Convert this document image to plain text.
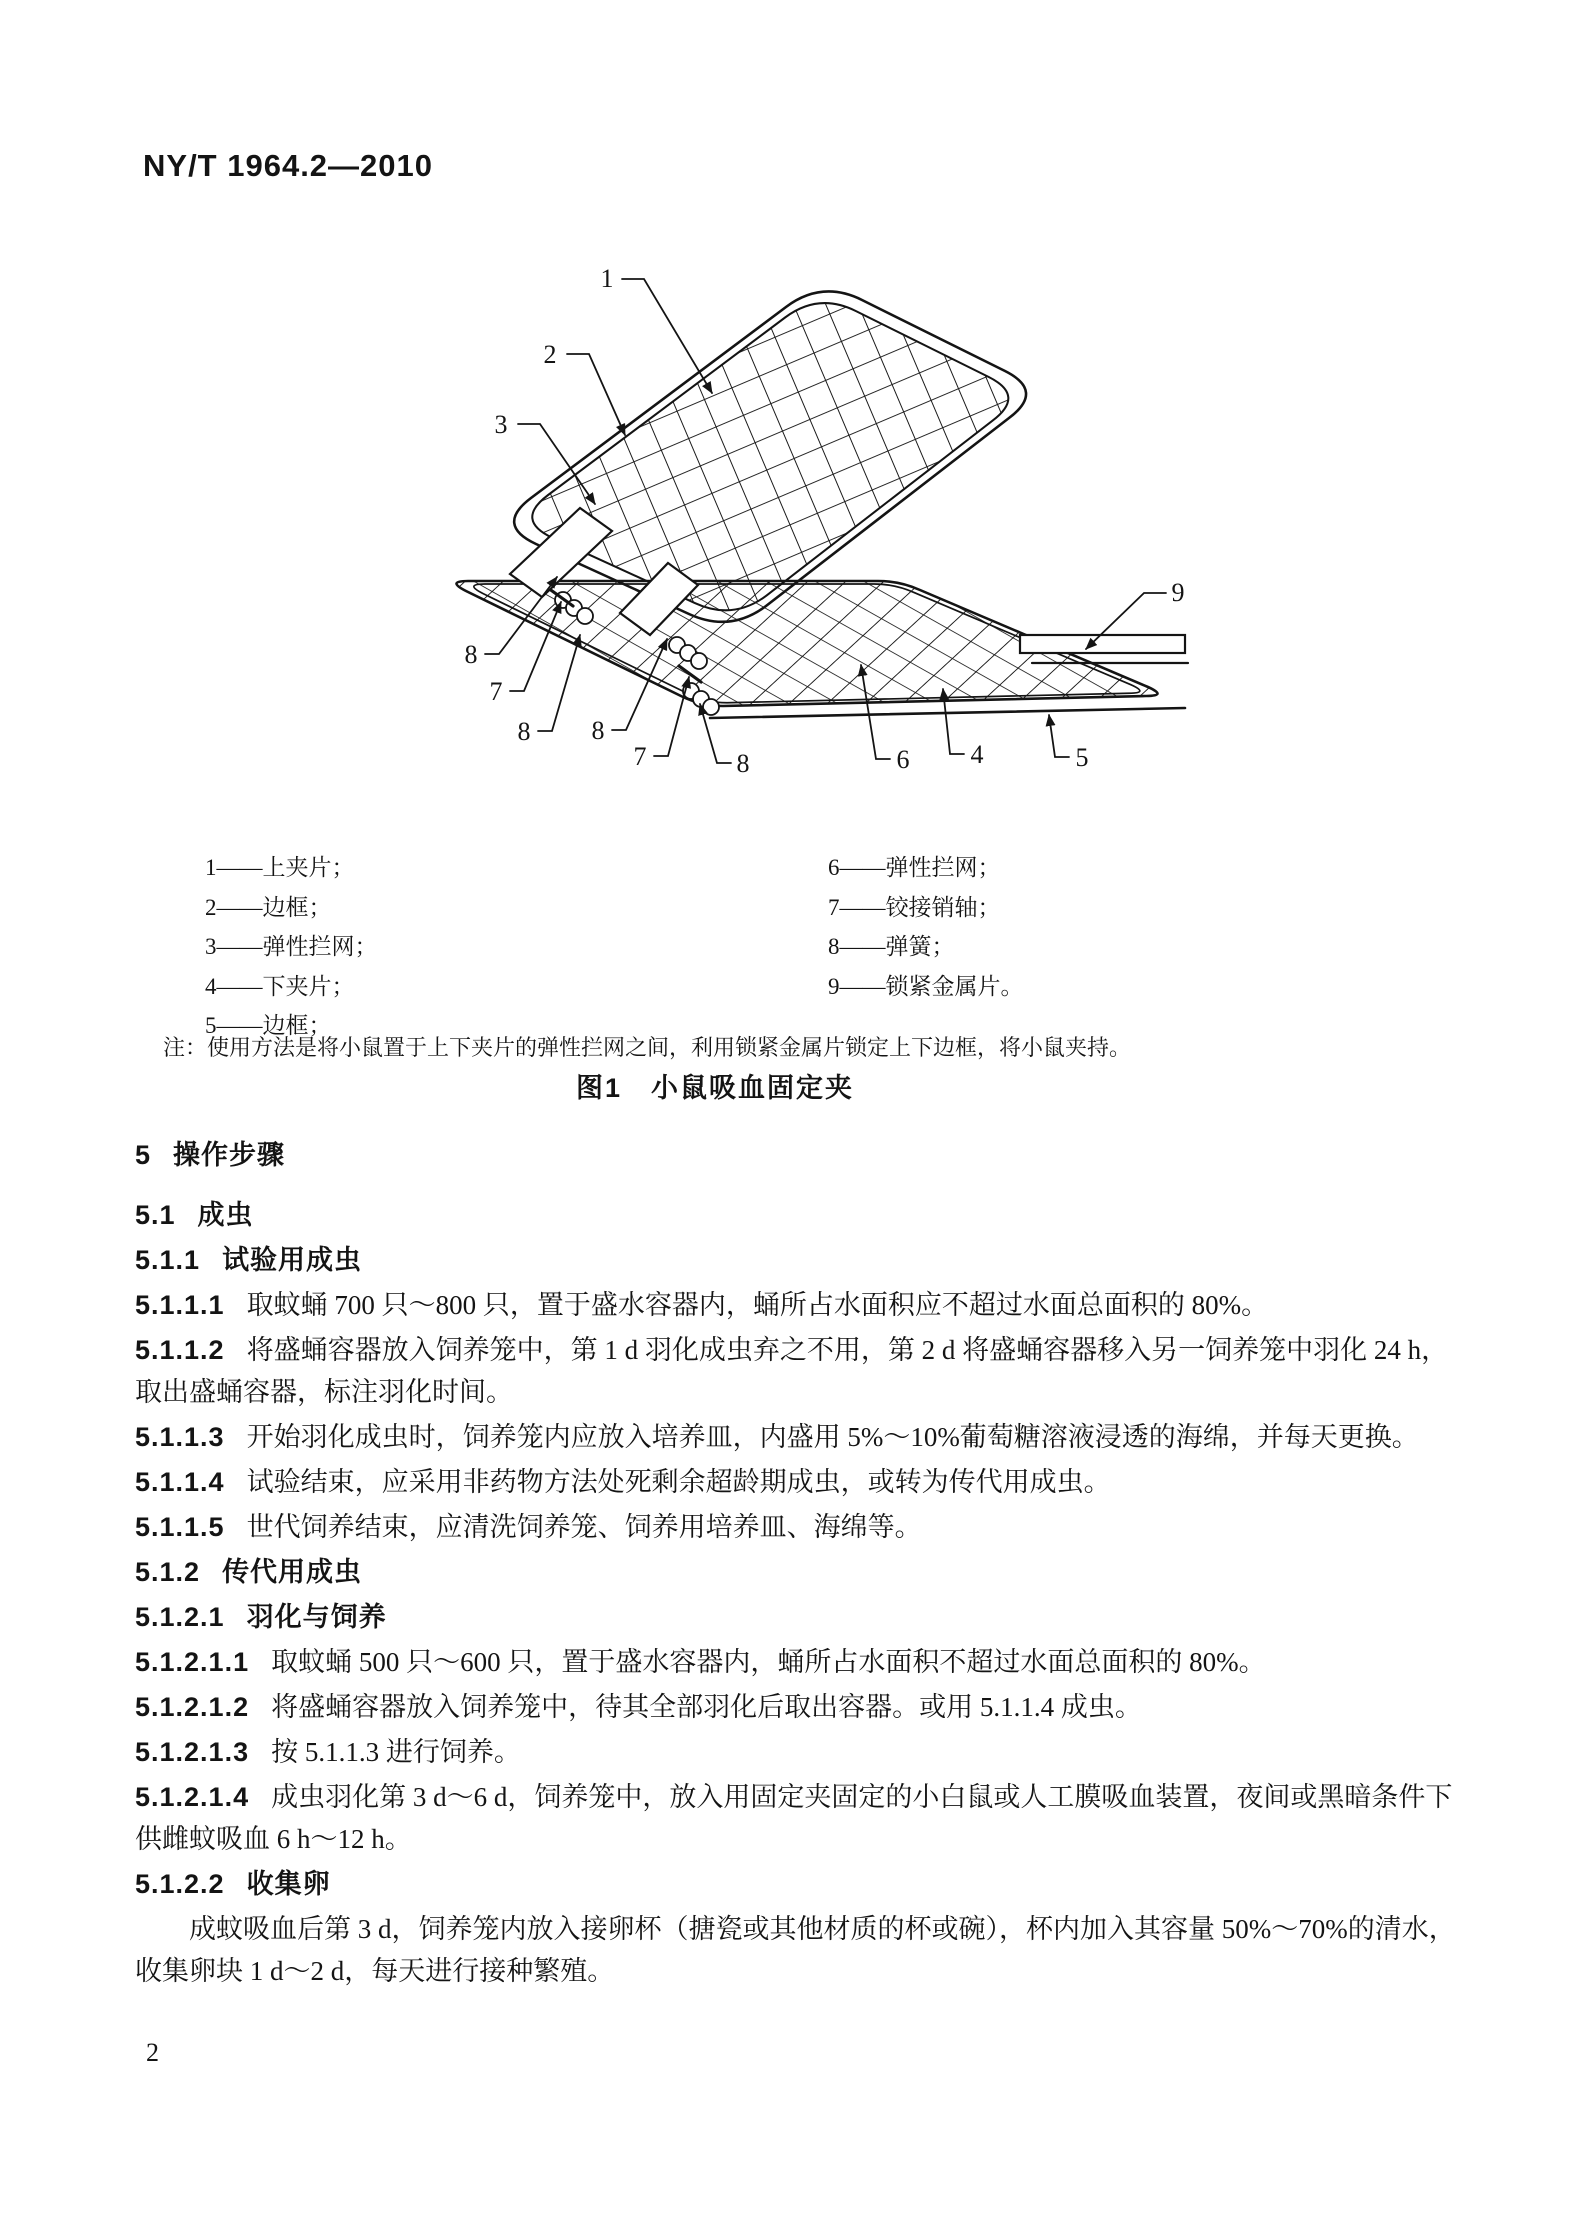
NY/T 1964.2—2010
1
2
3
9
8
7
8 8
7	8	6 4	5
1——上夹片；
2——边框；
3——弹性拦网；
4——下夹片；
5——边框；
6——弹性拦网；
7——铰接销轴；
8——弹簧；
9——锁紧金属片。
注：使用方法是将小鼠置于上下夹片的弹性拦网之间，利用锁紧金属片锁定上下边框，将小鼠夹持。
图1　小鼠吸血固定夹
5 操作步骤
5.1 成虫
5.1.1 试验用成虫
5.1.1.1 取蚊蛹 700 只～800 只，置于盛水容器内，蛹所占水面积应不超过水面总面积的 80%。
5.1.1.2 将盛蛹容器放入饲养笼中，第 1 d 羽化成虫弃之不用，第 2 d 将盛蛹容器移入另一饲养笼中羽化 24 h，取出盛蛹容器，标注羽化时间。
5.1.1.3 开始羽化成虫时，饲养笼内应放入培养皿，内盛用 5%～10%葡萄糖溶液浸透的海绵，并每天更换。
5.1.1.4 试验结束，应采用非药物方法处死剩余超龄期成虫，或转为传代用成虫。
5.1.1.5 世代饲养结束，应清洗饲养笼、饲养用培养皿、海绵等。
5.1.2 传代用成虫
5.1.2.1 羽化与饲养
5.1.2.1.1 取蚊蛹 500 只～600 只，置于盛水容器内，蛹所占水面积不超过水面总面积的 80%。
5.1.2.1.2 将盛蛹容器放入饲养笼中，待其全部羽化后取出容器。或用 5.1.1.4 成虫。
5.1.2.1.3 按 5.1.1.3 进行饲养。
5.1.2.1.4 成虫羽化第 3 d～6 d，饲养笼中，放入用固定夹固定的小白鼠或人工膜吸血装置，夜间或黑暗条件下供雌蚊吸血 6 h～12 h。
5.1.2.2 收集卵
成蚊吸血后第 3 d，饲养笼内放入接卵杯（搪瓷或其他材质的杯或碗），杯内加入其容量 50%～70%的清水，收集卵块 1 d～2 d，每天进行接种繁殖。
2
